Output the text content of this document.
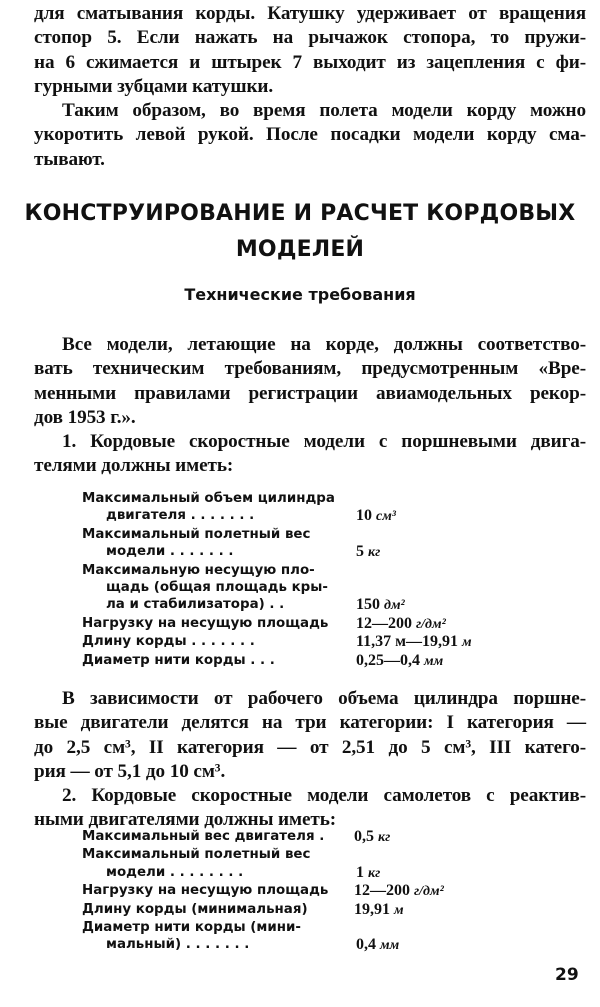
для сматывания корды. Катушку удерживает от вращения
стопор 5. Если нажать на рычажок стопора, то пружи-
на 6 сжимается и штырек 7 выходит из зацепления с фи-
гурными зубцами катушки.
Таким образом, во время полета модели корду можно
укоротить левой рукой. После посадки модели корду сма-
тывают.
КОНСТРУИРОВАНИЕ И РАСЧЕТ КОРДОВЫХ
МОДЕЛЕЙ
Технические требования
Все модели, летающие на корде, должны соответство-
вать техническим требованиям, предусмотренным «Вре-
менными правилами регистрации авиамодельных рекор-
дов 1953 г.».
1. Кордовые скоростные модели с поршневыми двига-
телями должны иметь:
Максимальный объем цилиндра
двигателя . . . . . . .	10 см³
Максимальный полетный вес
модели . . . . . . .	5 кг
Максимальную несущую пло-
щадь (общая площадь кры-
ла и стабилизатора) . .	150 дм²
Нагрузку на несущую площадь	12—200 г/дм²
Длину корды . . . . . . .	11,37 м—19,91 м
Диаметр нити корды . . .	0,25—0,4 мм
В зависимости от рабочего объема цилиндра поршне-
вые двигатели делятся на три категории: I категория —
до 2,5 см³, II категория — от 2,51 до 5 см³, III катего-
рия — от 5,1 до 10 см³.
2. Кордовые скоростные модели самолетов с реактив-
ными двигателями должны иметь:
Максимальный вес двигателя .	0,5 кг
Максимальный полетный вес
модели . . . . . . . .	1 кг
Нагрузку на несущую площадь	12—200 г/дм²
Длину корды (минимальная)	19,91 м
Диаметр нити корды (мини-
мальный) . . . . . . .	0,4 мм
29
